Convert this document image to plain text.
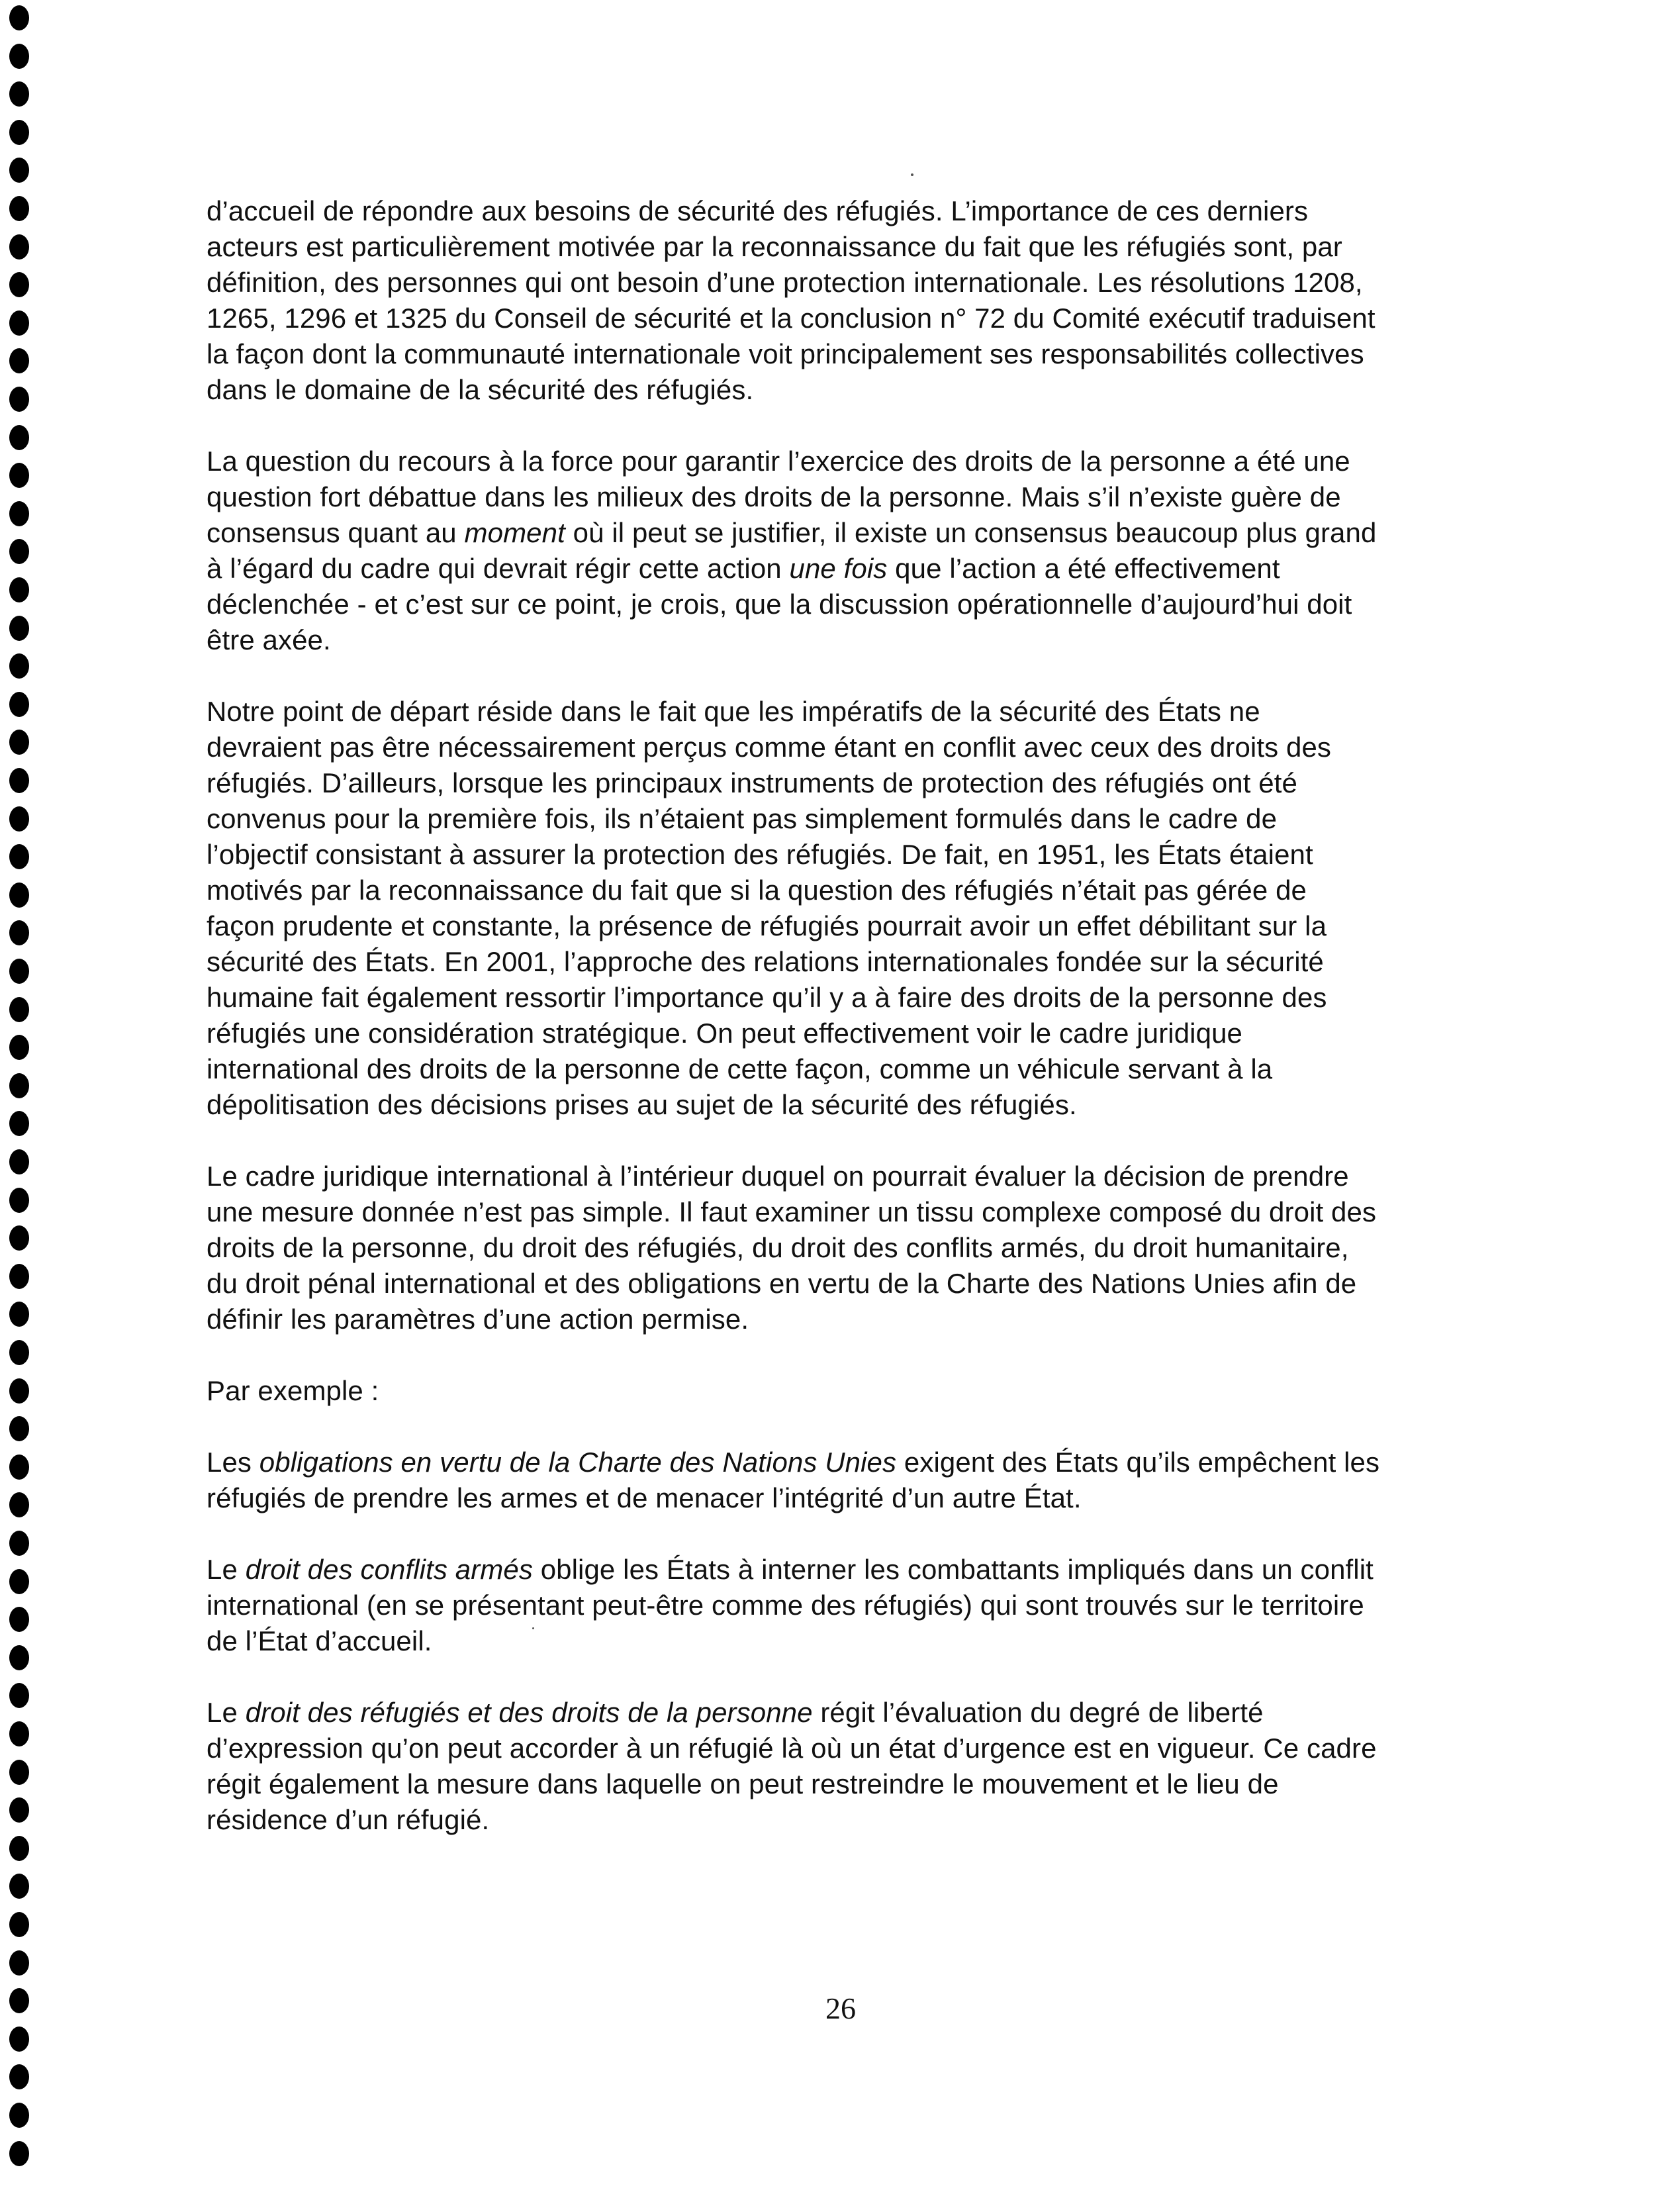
d’accueil de répondre aux besoins de sécurité des réfugiés. L’importance de ces derniers
acteurs est particulièrement motivée par la reconnaissance du fait que les réfugiés sont, par
définition, des personnes qui ont besoin d’une protection internationale. Les résolutions 1208,
1265, 1296 et 1325 du Conseil de sécurité et la conclusion n° 72 du Comité exécutif traduisent
la façon dont la communauté internationale voit principalement ses responsabilités collectives
dans le domaine de la sécurité des réfugiés.
La question du recours à la force pour garantir l’exercice des droits de la personne a été une
question fort débattue dans les milieux des droits de la personne. Mais s’il n’existe guère de
consensus quant au moment où il peut se justifier, il existe un consensus beaucoup plus grand
à l’égard du cadre qui devrait régir cette action une fois que l’action a été effectivement
déclenchée - et c’est sur ce point, je crois, que la discussion opérationnelle d’aujourd’hui doit
être axée.
Notre point de départ réside dans le fait que les impératifs de la sécurité des États ne
devraient pas être nécessairement perçus comme étant en conflit avec ceux des droits des
réfugiés. D’ailleurs, lorsque les principaux instruments de protection des réfugiés ont été
convenus pour la première fois, ils n’étaient pas simplement formulés dans le cadre de
l’objectif consistant à assurer la protection des réfugiés. De fait, en 1951, les États étaient
motivés par la reconnaissance du fait que si la question des réfugiés n’était pas gérée de
façon prudente et constante, la présence de réfugiés pourrait avoir un effet débilitant sur la
sécurité des États. En 2001, l’approche des relations internationales fondée sur la sécurité
humaine fait également ressortir l’importance qu’il y a à faire des droits de la personne des
réfugiés une considération stratégique. On peut effectivement voir le cadre juridique
international des droits de la personne de cette façon, comme un véhicule servant à la
dépolitisation des décisions prises au sujet de la sécurité des réfugiés.
Le cadre juridique international à l’intérieur duquel on pourrait évaluer la décision de prendre
une mesure donnée n’est pas simple. Il faut examiner un tissu complexe composé du droit des
droits de la personne, du droit des réfugiés, du droit des conflits armés, du droit humanitaire,
du droit pénal international et des obligations en vertu de la Charte des Nations Unies afin de
définir les paramètres d’une action permise.
Par exemple :
Les obligations en vertu de la Charte des Nations Unies exigent des États qu’ils empêchent les
réfugiés de prendre les armes et de menacer l’intégrité d’un autre État.
Le droit des conflits armés oblige les États à interner les combattants impliqués dans un conflit
international (en se présentant peut-être comme des réfugiés) qui sont trouvés sur le territoire
de l’État d’accueil.
Le droit des réfugiés et des droits de la personne régit l’évaluation du degré de liberté
d’expression qu’on peut accorder à un réfugié là où un état d’urgence est en vigueur. Ce cadre
régit également la mesure dans laquelle on peut restreindre le mouvement et le lieu de
résidence d’un réfugié.
26
